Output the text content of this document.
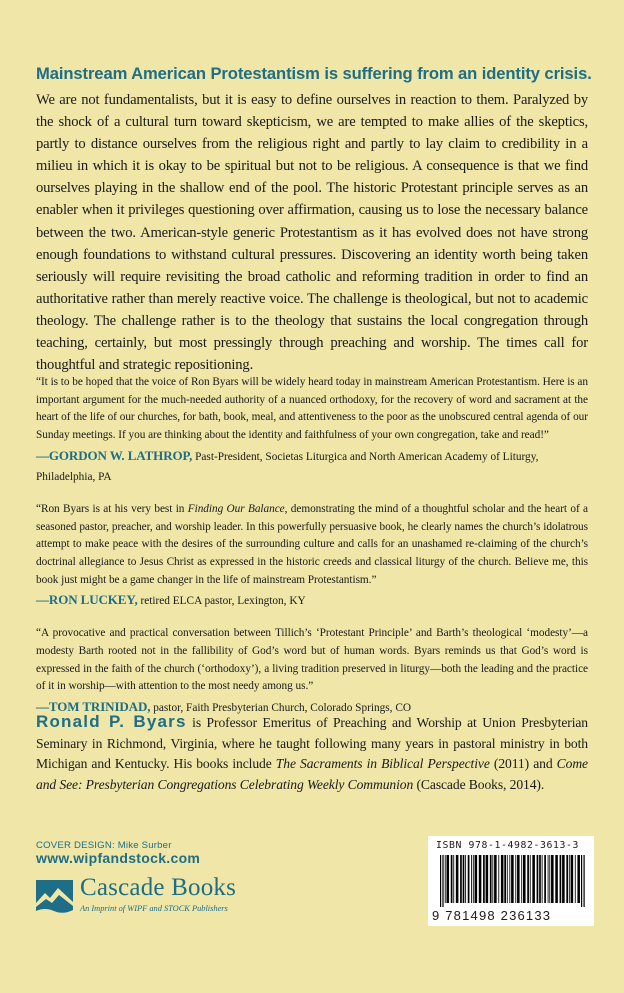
Mainstream American Protestantism is suffering from an identity crisis.
We are not fundamentalists, but it is easy to define ourselves in reaction to them. Paralyzed by the shock of a cultural turn toward skepticism, we are tempted to make allies of the skeptics, partly to distance ourselves from the religious right and partly to lay claim to credibility in a milieu in which it is okay to be spiritual but not to be religious. A consequence is that we find ourselves playing in the shallow end of the pool. The historic Protestant principle serves as an enabler when it privileges questioning over affirmation, causing us to lose the necessary balance between the two. American-style generic Protestantism as it has evolved does not have strong enough foundations to withstand cultural pressures. Discovering an identity worth being taken seriously will require revisiting the broad catholic and reforming tradition in order to find an authoritative rather than merely reactive voice. The challenge is theological, but not to academic theology. The challenge rather is to the theology that sustains the local congregation through teaching, certainly, but most pressingly through preaching and worship. The times call for thoughtful and strategic repositioning.
“It is to be hoped that the voice of Ron Byars will be widely heard today in mainstream American Protestantism. Here is an important argument for the much-needed authority of a nuanced orthodoxy, for the recovery of word and sacrament at the heart of the life of our churches, for bath, book, meal, and attentiveness to the poor as the unobscured central agenda of our Sunday meetings. If you are thinking about the identity and faithfulness of your own congregation, take and read!”
—GORDON W. LATHROP, Past-President, Societas Liturgica and North American Academy of Liturgy, Philadelphia, PA
“Ron Byars is at his very best in Finding Our Balance, demonstrating the mind of a thoughtful scholar and the heart of a seasoned pastor, preacher, and worship leader. In this powerfully persuasive book, he clearly names the church’s idolatrous attempt to make peace with the desires of the surrounding culture and calls for an unashamed re-claiming of the church’s doctrinal allegiance to Jesus Christ as expressed in the historic creeds and classical liturgy of the church. Believe me, this book just might be a game changer in the life of mainstream Protestantism.”
—RON LUCKEY, retired ELCA pastor, Lexington, KY
“A provocative and practical conversation between Tillich’s ‘Protestant Principle’ and Barth’s theological ‘modesty’—a modesty Barth rooted not in the fallibility of God’s word but of human words. Byars reminds us that God’s word is expressed in the faith of the church (‘orthodoxy’), a living tradition preserved in liturgy—both the leading and the practice of it in worship—with attention to the most needy among us.”
—TOM TRINIDAD, pastor, Faith Presbyterian Church, Colorado Springs, CO
Ronald P. Byars is Professor Emeritus of Preaching and Worship at Union Presbyterian Seminary in Richmond, Virginia, where he taught following many years in pastoral ministry in both Michigan and Kentucky. His books include The Sacraments in Biblical Perspective (2011) and Come and See: Presbyterian Congregations Celebrating Weekly Communion (Cascade Books, 2014).
COVER DESIGN: Mike Surber
www.wipfandstock.com
Cascade Books
An Imprint of WIPF and STOCK Publishers
ISBN 978-1-4982-3613-3
9 781498 236133
